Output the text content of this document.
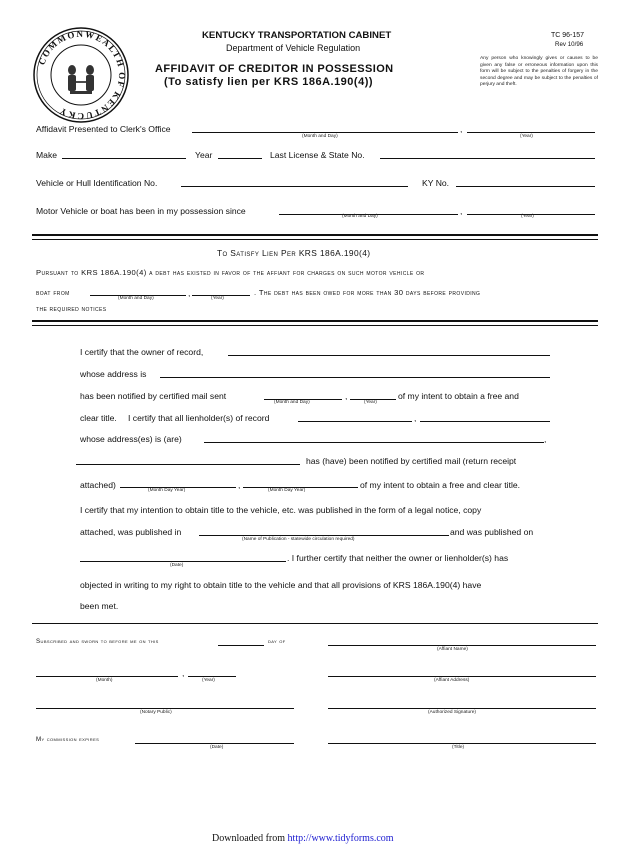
COMMONWEALTH OF KENTUCKY
KENTUCKY TRANSPORTATION CABINET
Department of Vehicle Regulation
AFFIDAVIT OF CREDITOR IN POSSESSION
(To satisfy lien per KRS 186A.190(4))
TC 96-157
Rev 10/96
Any person who knowingly gives or causes to be given any false or erroneous information upon this form will be subject to the penalties of forgery in the second degree and may be subject to the penalties of perjury and theft.
Affidavit Presented to Clerk's Office	,
(Month and Day)	(Year)
Make	Year	Last License & State No.
Vehicle or Hull Identification No.	KY No.
Motor Vehicle or boat has been in my possession since	,
(Month and Day)	(Year)
To Satisfy Lien Per KRS 186A.190(4)
Pursuant to KRS 186A.190(4) a debt has existed in favor of the affiant for charges on such motor vehicle or
boat from	,	. The debt has been owed for more than 30 days before providing
(Month and Day)	(Year)
the required notices
I certify that the owner of record,
whose address is
has been notified by certified mail sent	,	of my intent to obtain a free and
(Month and Day)	(Year)
clear title. I certify that all lienholder(s) of record	,
whose address(es) is (are)	,
has (have) been notified by certified mail (return receipt
attached)	,	of my intent to obtain a free and clear title.
(Month Day Year)	(Month Day Year)
I certify that my intention to obtain title to the vehicle, etc. was published in the form of a legal notice, copy
attached, was published in
(Name of Publication - statewide circulation required)
and was published on
(Date)
. I further certify that neither the owner or lienholder(s) has
objected in writing to my right to obtain title to the vehicle and that all provisions of KRS 186A.190(4) have
been met.
Subscribed and sworn to before me on this	day of
(Affiant Name)
,
(Month)	(Year)	(Affiant Address)
(Notary Public)	(Authorized Signature)
My commission expires
(Date)	(Title)
Downloaded from http://www.tidyforms.com
